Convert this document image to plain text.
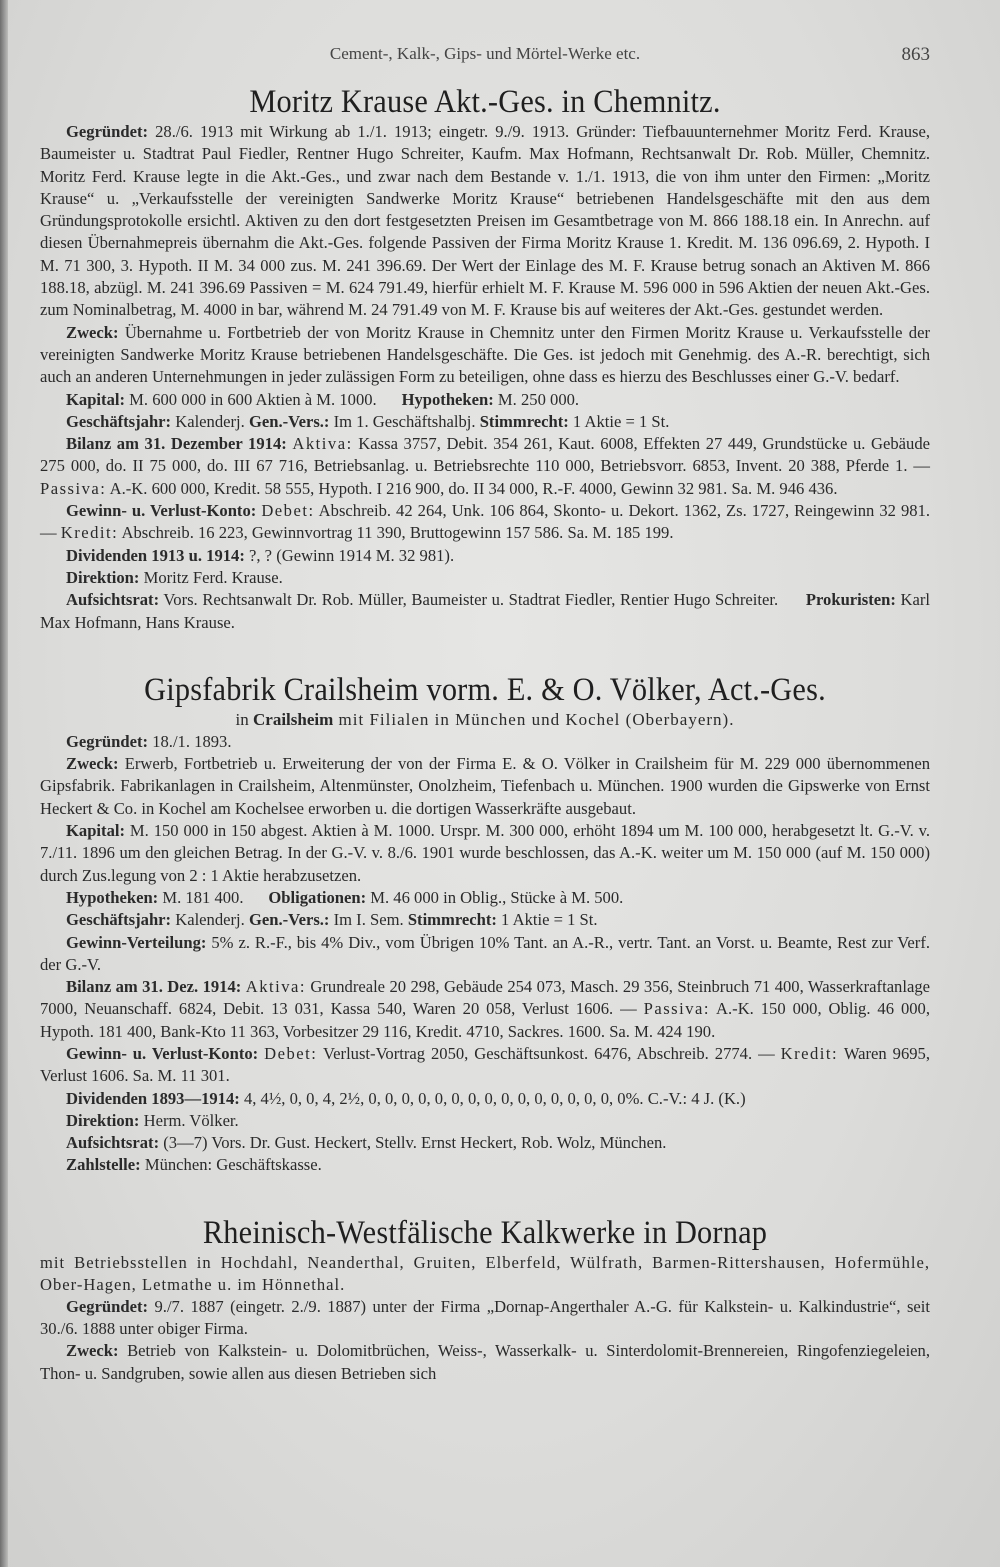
Cement-, Kalk-, Gips- und Mörtel-Werke etc.	863
Moritz Krause Akt.-Ges. in Chemnitz.

Gegründet: 28./6. 1913 mit Wirkung ab 1./1. 1913; eingetr. 9./9. 1913. Gründer: Tiefbauunternehmer Moritz Ferd. Krause, Baumeister u. Stadtrat Paul Fiedler, Rentner Hugo Schreiter, Kaufm. Max Hofmann, Rechtsanwalt Dr. Rob. Müller, Chemnitz. Moritz Ferd. Krause legte in die Akt.-Ges., und zwar nach dem Bestande v. 1./1. 1913, die von ihm unter den Firmen: „Moritz Krause“ u. „Verkaufsstelle der vereinigten Sandwerke Moritz Krause“ betriebenen Handelsgeschäfte mit den aus dem Gründungsprotokolle ersichtl. Aktiven zu den dort festgesetzten Preisen im Gesamtbetrage von M. 866 188.18 ein. In Anrechn. auf diesen Übernahmepreis übernahm die Akt.-Ges. folgende Passiven der Firma Moritz Krause 1. Kredit. M. 136 096.69, 2. Hypoth. I M. 71 300, 3. Hypoth. II M. 34 000 zus. M. 241 396.69. Der Wert der Einlage des M. F. Krause betrug sonach an Aktiven M. 866 188.18, abzügl. M. 241 396.69 Passiven = M. 624 791.49, hierfür erhielt M. F. Krause M. 596 000 in 596 Aktien der neuen Akt.-Ges. zum Nominalbetrag, M. 4000 in bar, während M. 24 791.49 von M. F. Krause bis auf weiteres der Akt.-Ges. gestundet werden.

Zweck: Übernahme u. Fortbetrieb der von Moritz Krause in Chemnitz unter den Firmen Moritz Krause u. Verkaufsstelle der vereinigten Sandwerke Moritz Krause betriebenen Handelsgeschäfte. Die Ges. ist jedoch mit Genehmig. des A.-R. berechtigt, sich auch an anderen Unternehmungen in jeder zulässigen Form zu beteiligen, ohne dass es hierzu des Beschlusses einer G.-V. bedarf.

Kapital: M. 600 000 in 600 Aktien à M. 1000.      Hypotheken: M. 250 000.

Geschäftsjahr: Kalenderj. Gen.-Vers.: Im 1. Geschäftshalbj. Stimmrecht: 1 Aktie = 1 St.

Bilanz am 31. Dezember 1914: Aktiva: Kassa 3757, Debit. 354 261, Kaut. 6008, Effekten 27 449, Grundstücke u. Gebäude 275 000, do. II 75 000, do. III 67 716, Betriebsanlag. u. Betriebsrechte 110 000, Betriebsvorr. 6853, Invent. 20 388, Pferde 1. — Passiva: A.-K. 600 000, Kredit. 58 555, Hypoth. I 216 900, do. II 34 000, R.-F. 4000, Gewinn 32 981. Sa. M. 946 436.

Gewinn- u. Verlust-Konto: Debet: Abschreib. 42 264, Unk. 106 864, Skonto- u. Dekort. 1362, Zs. 1727, Reingewinn 32 981. — Kredit: Abschreib. 16 223, Gewinnvortrag 11 390, Bruttogewinn 157 586. Sa. M. 185 199.

Dividenden 1913 u. 1914: ?, ? (Gewinn 1914 M. 32 981).

Direktion: Moritz Ferd. Krause.

Aufsichtsrat: Vors. Rechtsanwalt Dr. Rob. Müller, Baumeister u. Stadtrat Fiedler, Rentier Hugo Schreiter.      Prokuristen: Karl Max Hofmann, Hans Krause.

Gipsfabrik Crailsheim vorm. E. & O. Völker, Act.-Ges.

in Crailsheim mit Filialen in München und Kochel (Oberbayern).

Gegründet: 18./1. 1893.

Zweck: Erwerb, Fortbetrieb u. Erweiterung der von der Firma E. & O. Völker in Crailsheim für M. 229 000 übernommenen Gipsfabrik. Fabrikanlagen in Crailsheim, Altenmünster, Onolzheim, Tiefenbach u. München. 1900 wurden die Gipswerke von Ernst Heckert & Co. in Kochel am Kochelsee erworben u. die dortigen Wasserkräfte ausgebaut.

Kapital: M. 150 000 in 150 abgest. Aktien à M. 1000. Urspr. M. 300 000, erhöht 1894 um M. 100 000, herabgesetzt lt. G.-V. v. 7./11. 1896 um den gleichen Betrag. In der G.-V. v. 8./6. 1901 wurde beschlossen, das A.-K. weiter um M. 150 000 (auf M. 150 000) durch Zus.legung von 2 : 1 Aktie herabzusetzen.

Hypotheken: M. 181 400.      Obligationen: M. 46 000 in Oblig., Stücke à M. 500.

Geschäftsjahr: Kalenderj. Gen.-Vers.: Im I. Sem. Stimmrecht: 1 Aktie = 1 St.

Gewinn-Verteilung: 5% z. R.-F., bis 4% Div., vom Übrigen 10% Tant. an A.-R., vertr. Tant. an Vorst. u. Beamte, Rest zur Verf. der G.-V.

Bilanz am 31. Dez. 1914: Aktiva: Grundreale 20 298, Gebäude 254 073, Masch. 29 356, Steinbruch 71 400, Wasserkraftanlage 7000, Neuanschaff. 6824, Debit. 13 031, Kassa 540, Waren 20 058, Verlust 1606. — Passiva: A.-K. 150 000, Oblig. 46 000, Hypoth. 181 400, Bank-Kto 11 363, Vorbesitzer 29 116, Kredit. 4710, Sackres. 1600. Sa. M. 424 190.

Gewinn- u. Verlust-Konto: Debet: Verlust-Vortrag 2050, Geschäftsunkost. 6476, Abschreib. 2774. — Kredit: Waren 9695, Verlust 1606. Sa. M. 11 301.

Dividenden 1893—1914: 4, 4½, 0, 0, 4, 2½, 0, 0, 0, 0, 0, 0, 0, 0, 0, 0, 0, 0, 0, 0, 0, 0%. C.-V.: 4 J. (K.)

Direktion: Herm. Völker.

Aufsichtsrat: (3—7) Vors. Dr. Gust. Heckert, Stellv. Ernst Heckert, Rob. Wolz, München.

Zahlstelle: München: Geschäftskasse.

Rheinisch-Westfälische Kalkwerke in Dornap

mit Betriebsstellen in Hochdahl, Neanderthal, Gruiten, Elberfeld, Wülfrath, Barmen-Rittershausen, Hofermühle, Ober-Hagen, Letmathe u. im Hönnethal.

Gegründet: 9./7. 1887 (eingetr. 2./9. 1887) unter der Firma „Dornap-Angerthaler A.-G. für Kalkstein- u. Kalkindustrie“, seit 30./6. 1888 unter obiger Firma.

Zweck: Betrieb von Kalkstein- u. Dolomitbrüchen, Weiss-, Wasserkalk- u. Sinterdolomit-Brennereien, Ringofenziegeleien, Thon- u. Sandgruben, sowie allen aus diesen Betrieben sich
